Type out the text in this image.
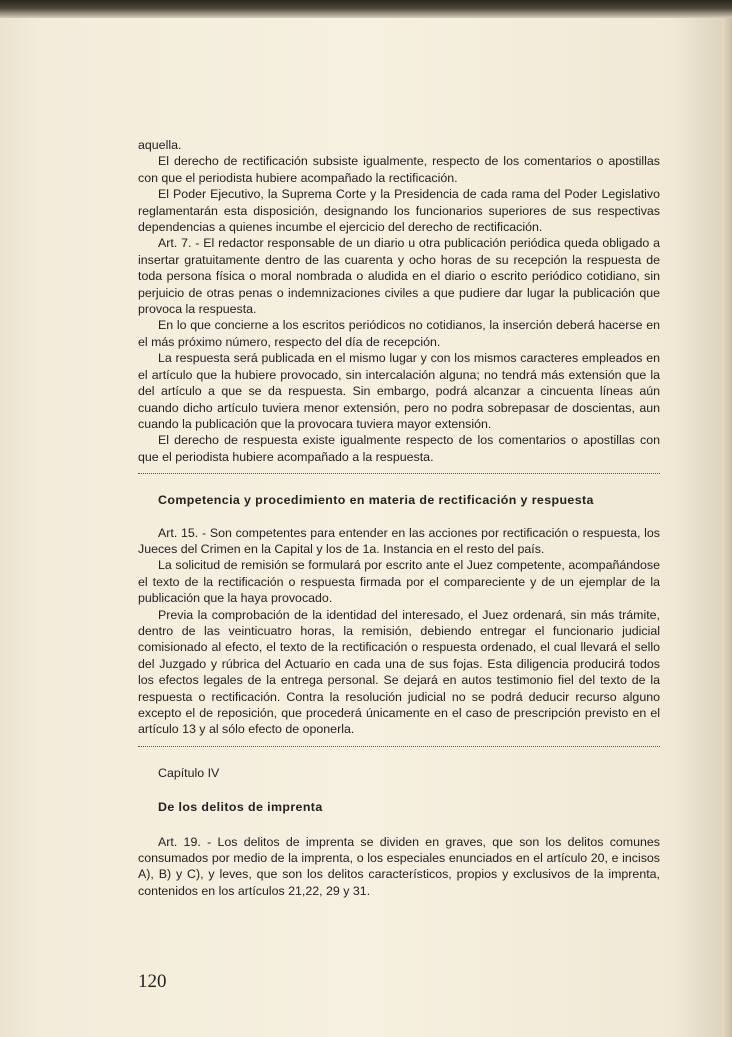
aquella.

El derecho de rectificación subsiste igualmente, respecto de los comentarios o apostillas con que el periodista hubiere acompañado la rectificación.

El Poder Ejecutivo, la Suprema Corte y la Presidencia de cada rama del Poder Legislativo reglamentarán esta disposición, designando los funcionarios superiores de sus respectivas dependencias a quienes incumbe el ejercicio del derecho de rectificación.

Art. 7. - El redactor responsable de un diario u otra publicación periódica queda obligado a insertar gratuitamente dentro de las cuarenta y ocho horas de su recepción la respuesta de toda persona física o moral nombrada o aludida en el diario o escrito periódico cotidiano, sin perjuicio de otras penas o indemnizaciones civiles a que pudiere dar lugar la publicación que provoca la respuesta.

En lo que concierne a los escritos periódicos no cotidianos, la inserción deberá hacerse en el más próximo número, respecto del día de recepción.

La respuesta será publicada en el mismo lugar y con los mismos caracteres empleados en el artículo que la hubiere provocado, sin intercalación alguna; no tendrá más extensión que la del artículo a que se da respuesta. Sin embargo, podrá alcanzar a cincuenta líneas aún cuando dicho artículo tuviera menor extensión, pero no podra sobrepasar de doscientas, aun cuando la publicación que la provocara tuviera mayor extensión.

El derecho de respuesta existe igualmente respecto de los comentarios o apostillas con que el periodista hubiere acompañado a la respuesta.

Competencia y procedimiento en materia de rectificación y respuesta

Art. 15. - Son competentes para entender en las acciones por rectificación o respuesta, los Jueces del Crimen en la Capital y los de 1a. Instancia en el resto del país.

La solicitud de remisión se formulará por escrito ante el Juez competente, acompañándose el texto de la rectificación o respuesta firmada por el compareciente y de un ejemplar de la publicación que la haya provocado.

Previa la comprobación de la identidad del interesado, el Juez ordenará, sin más trámite, dentro de las veinticuatro horas, la remisión, debiendo entregar el funcionario judicial comisionado al efecto, el texto de la rectificación o respuesta ordenado, el cual llevará el sello del Juzgado y rúbrica del Actuario en cada una de sus fojas. Esta diligencia producirá todos los efectos legales de la entrega personal. Se dejará en autos testimonio fiel del texto de la respuesta o rectificación. Contra la resolución judicial no se podrá deducir recurso alguno excepto el de reposición, que procederá únicamente en el caso de prescripción previsto en el artículo 13 y al sólo efecto de oponerla.

Capítulo IV

De los delitos de imprenta

Art. 19. - Los delitos de imprenta se dividen en graves, que son los delitos comunes consumados por medio de la imprenta, o los especiales enunciados en el artículo 20, e incisos A), B) y C), y leves, que son los delitos característicos, propios y exclusivos de la imprenta, contenidos en los artículos 21,22, 29 y 31.

120
